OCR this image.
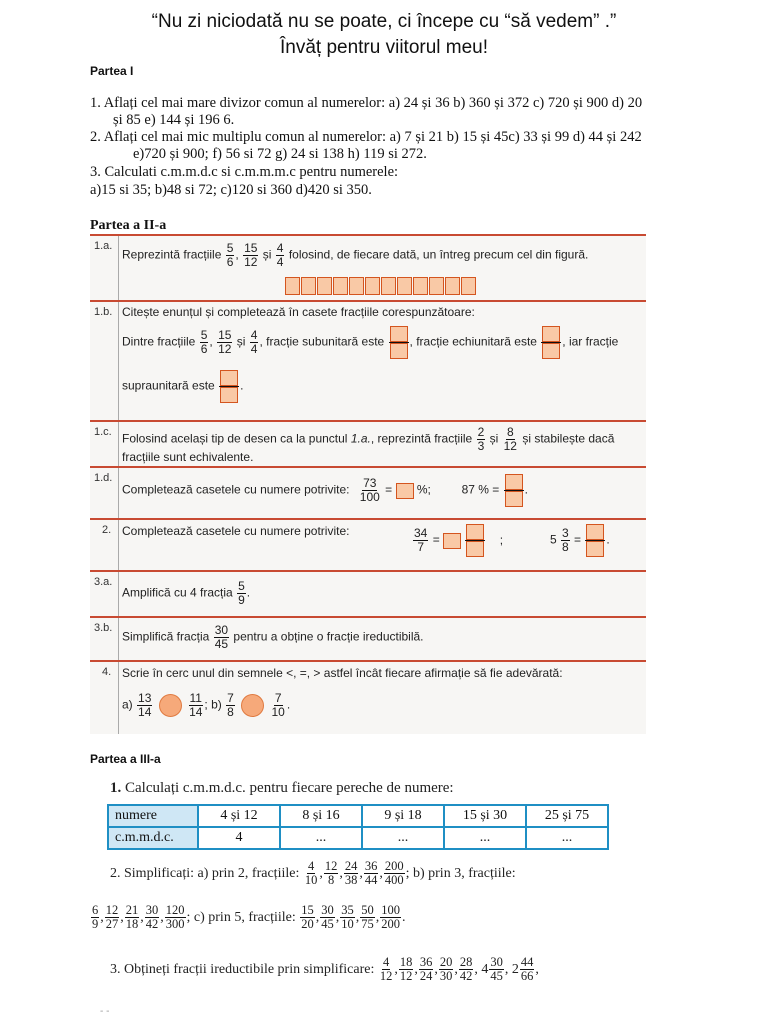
“Nu zi niciodată nu se poate, ci începe cu “să vedem” .”
Învăț pentru viitorul meu!
Partea I
1. Aflați cel mai mare divizor comun al numerelor: a) 24 și 36 b) 360 și 372 c) 720 și 900 d) 20
și 85 e) 144 și 196 6.
2. Aflați cel mai mic multiplu comun al numerelor: a) 7 și 21 b) 15 și 45c) 33 și 99 d) 44 și 242
e)720 și 900; f) 56 si 72 g) 24 si 138 h) 119 si 272.
3. Calculati c.m.m.d.c si c.m.m.m.c pentru numerele:
a)15 si 35; b)48 si 72; c)120 si 360 d)420 si 350.
Partea a II-a
1.a.
Reprezintă fracțiile $\frac{5}{6}$ , $\frac{15}{12}$ și $\frac{4}{4}$ folosind, de fiecare dată, un întreg precum cel din figură.
1.b. Citește enunțul și completează în casete fracțiile corespunzătoare:
Dintre fracțiile $\frac{5}{6}$ , $\frac{15}{12}$ și $\frac{4}{4}$ , fracție subunitară este , fracție echiunitară este , iar fracție
supraunitară este .
1.c. Folosind același tip de desen ca la punctul 1.a., reprezintă fracțiile $\frac{2}{3}$ și $\frac{8}{12}$ și stabilește dacă
fracțiile sunt echivalente.
1.d.
Completează casetele cu numere potrivite: $\frac{73}{100}$ =  %;	87 % =
.
2. Completează casetele cu numere potrivite:	$\frac{34}{7}$ =	;	$5 \frac{3}{8}$ =
.
3.a.
Amplifică cu 4 fracția $\frac{5}{9}$ .
3.b.
Simplifică fracția $\frac{30}{45}$ pentru a obține o fracție ireductibilă.
4. Scrie în cerc unul din semnele <, =, > astfel încât fiecare afirmație să fie adevărată:
$a) \frac{13}{14}$
	$\frac{11}{14}$ ; $b) \frac{7}{8}$
	$\frac{7}{10}$ .
Partea a III-a
1. Calculați c.m.m.d.c. pentru fiecare pereche de numere:
numere	4 și 12	8 și 16	9 și 18	15 și 30	25 și 75
c.m.m.d.c.	4	...	...	...	...
2. Simplificați: a) prin 2, fracțiile: $\frac{4}{10}$ , $\frac{12}{8}$ , $\frac{24}{38}$ , $\frac{36}{44}$ , $\frac{200}{400}$ ; b) prin 3, fracțiile:
$\frac{6}{9}$ , $\frac{12}{27}$ , $\frac{21}{18}$ , $\frac{30}{42}$ , $\frac{120}{300}$ ; c) prin 5, fracțiile: $\frac{15}{20}$ , $\frac{30}{45}$ , $\frac{35}{10}$ , $\frac{50}{75}$ , $\frac{100}{200}$ .
3. Obțineți fracții ireductibile prin simplificare: $\frac{4}{12}$ , $\frac{18}{12}$ , $\frac{36}{24}$ , $\frac{20}{30}$ , $\frac{28}{42}$ , $4 \frac{30}{45}$ , $2 \frac{44}{66}$ ,
- -
